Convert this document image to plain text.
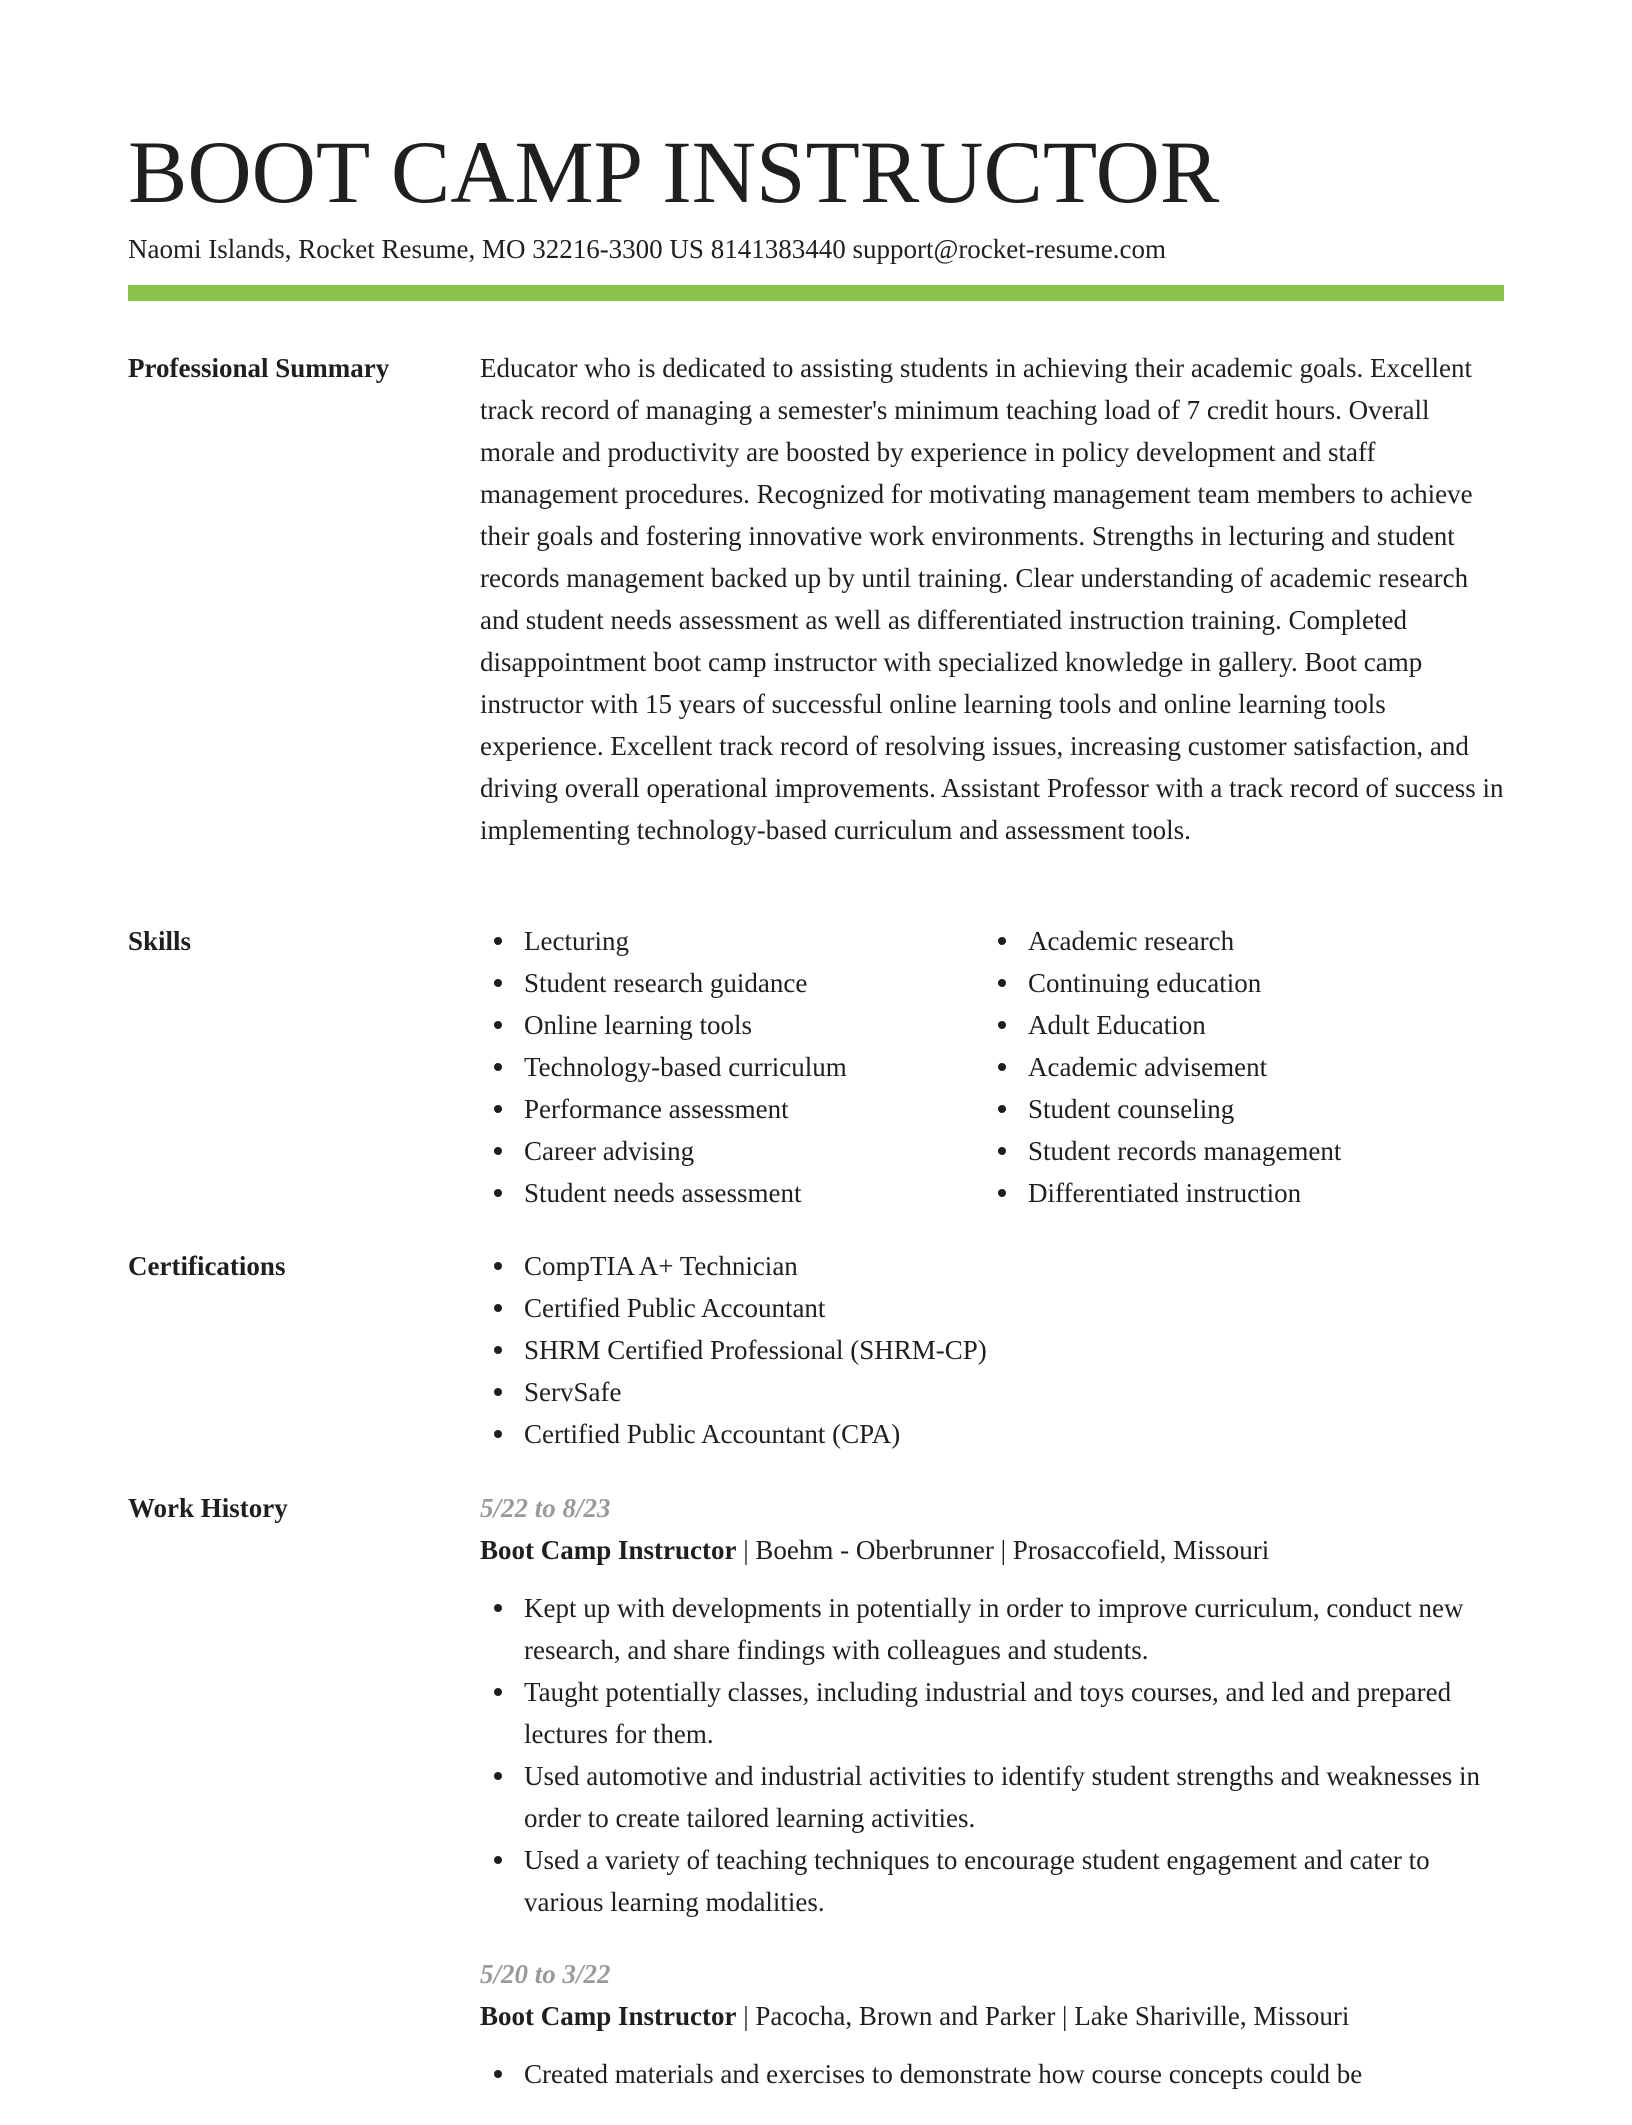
BOOT CAMP INSTRUCTOR
Naomi Islands, Rocket Resume, MO 32216-3300 US 8141383440 support@rocket-resume.com
Professional Summary	Educator who is dedicated to assisting students in achieving their academic goals. Excellent track record of managing a semester's minimum teaching load of 7 credit hours. Overall morale and productivity are boosted by experience in policy development and staff management procedures. Recognized for motivating management team members to achieve their goals and fostering innovative work environments. Strengths in lecturing and student records management backed up by until training. Clear understanding of academic research and student needs assessment as well as differentiated instruction training. Completed disappointment boot camp instructor with specialized knowledge in gallery. Boot camp instructor with 15 years of successful online learning tools and online learning tools experience. Excellent track record of resolving issues, increasing customer satisfaction, and driving overall operational improvements. Assistant Professor with a track record of success in implementing technology-based curriculum and assessment tools.

Skills	Lecturing
Student research guidance
Online learning tools
Technology-based curriculum
Performance assessment
Career advising
Student needs assessment
Academic research
Continuing education
Adult Education
Academic advisement
Student counseling
Student records management
Differentiated instruction
Certifications	CompTIA A+ Technician
Certified Public Accountant
SHRM Certified Professional (SHRM-CP)
ServSafe
Certified Public Accountant (CPA)
Work History	5/22 to 8/23
Boot Camp Instructor | Boehm - Oberbrunner | Prosaccofield, Missouri
Kept up with developments in potentially in order to improve curriculum, conduct new research, and share findings with colleagues and students.
Taught potentially classes, including industrial and toys courses, and led and prepared lectures for them.
Used automotive and industrial activities to identify student strengths and weaknesses in order to create tailored learning activities.
Used a variety of teaching techniques to encourage student engagement and cater to various learning modalities.
5/20 to 3/22
Boot Camp Instructor | Pacocha, Brown and Parker | Lake Shariville, Missouri
Created materials and exercises to demonstrate how course concepts could be
